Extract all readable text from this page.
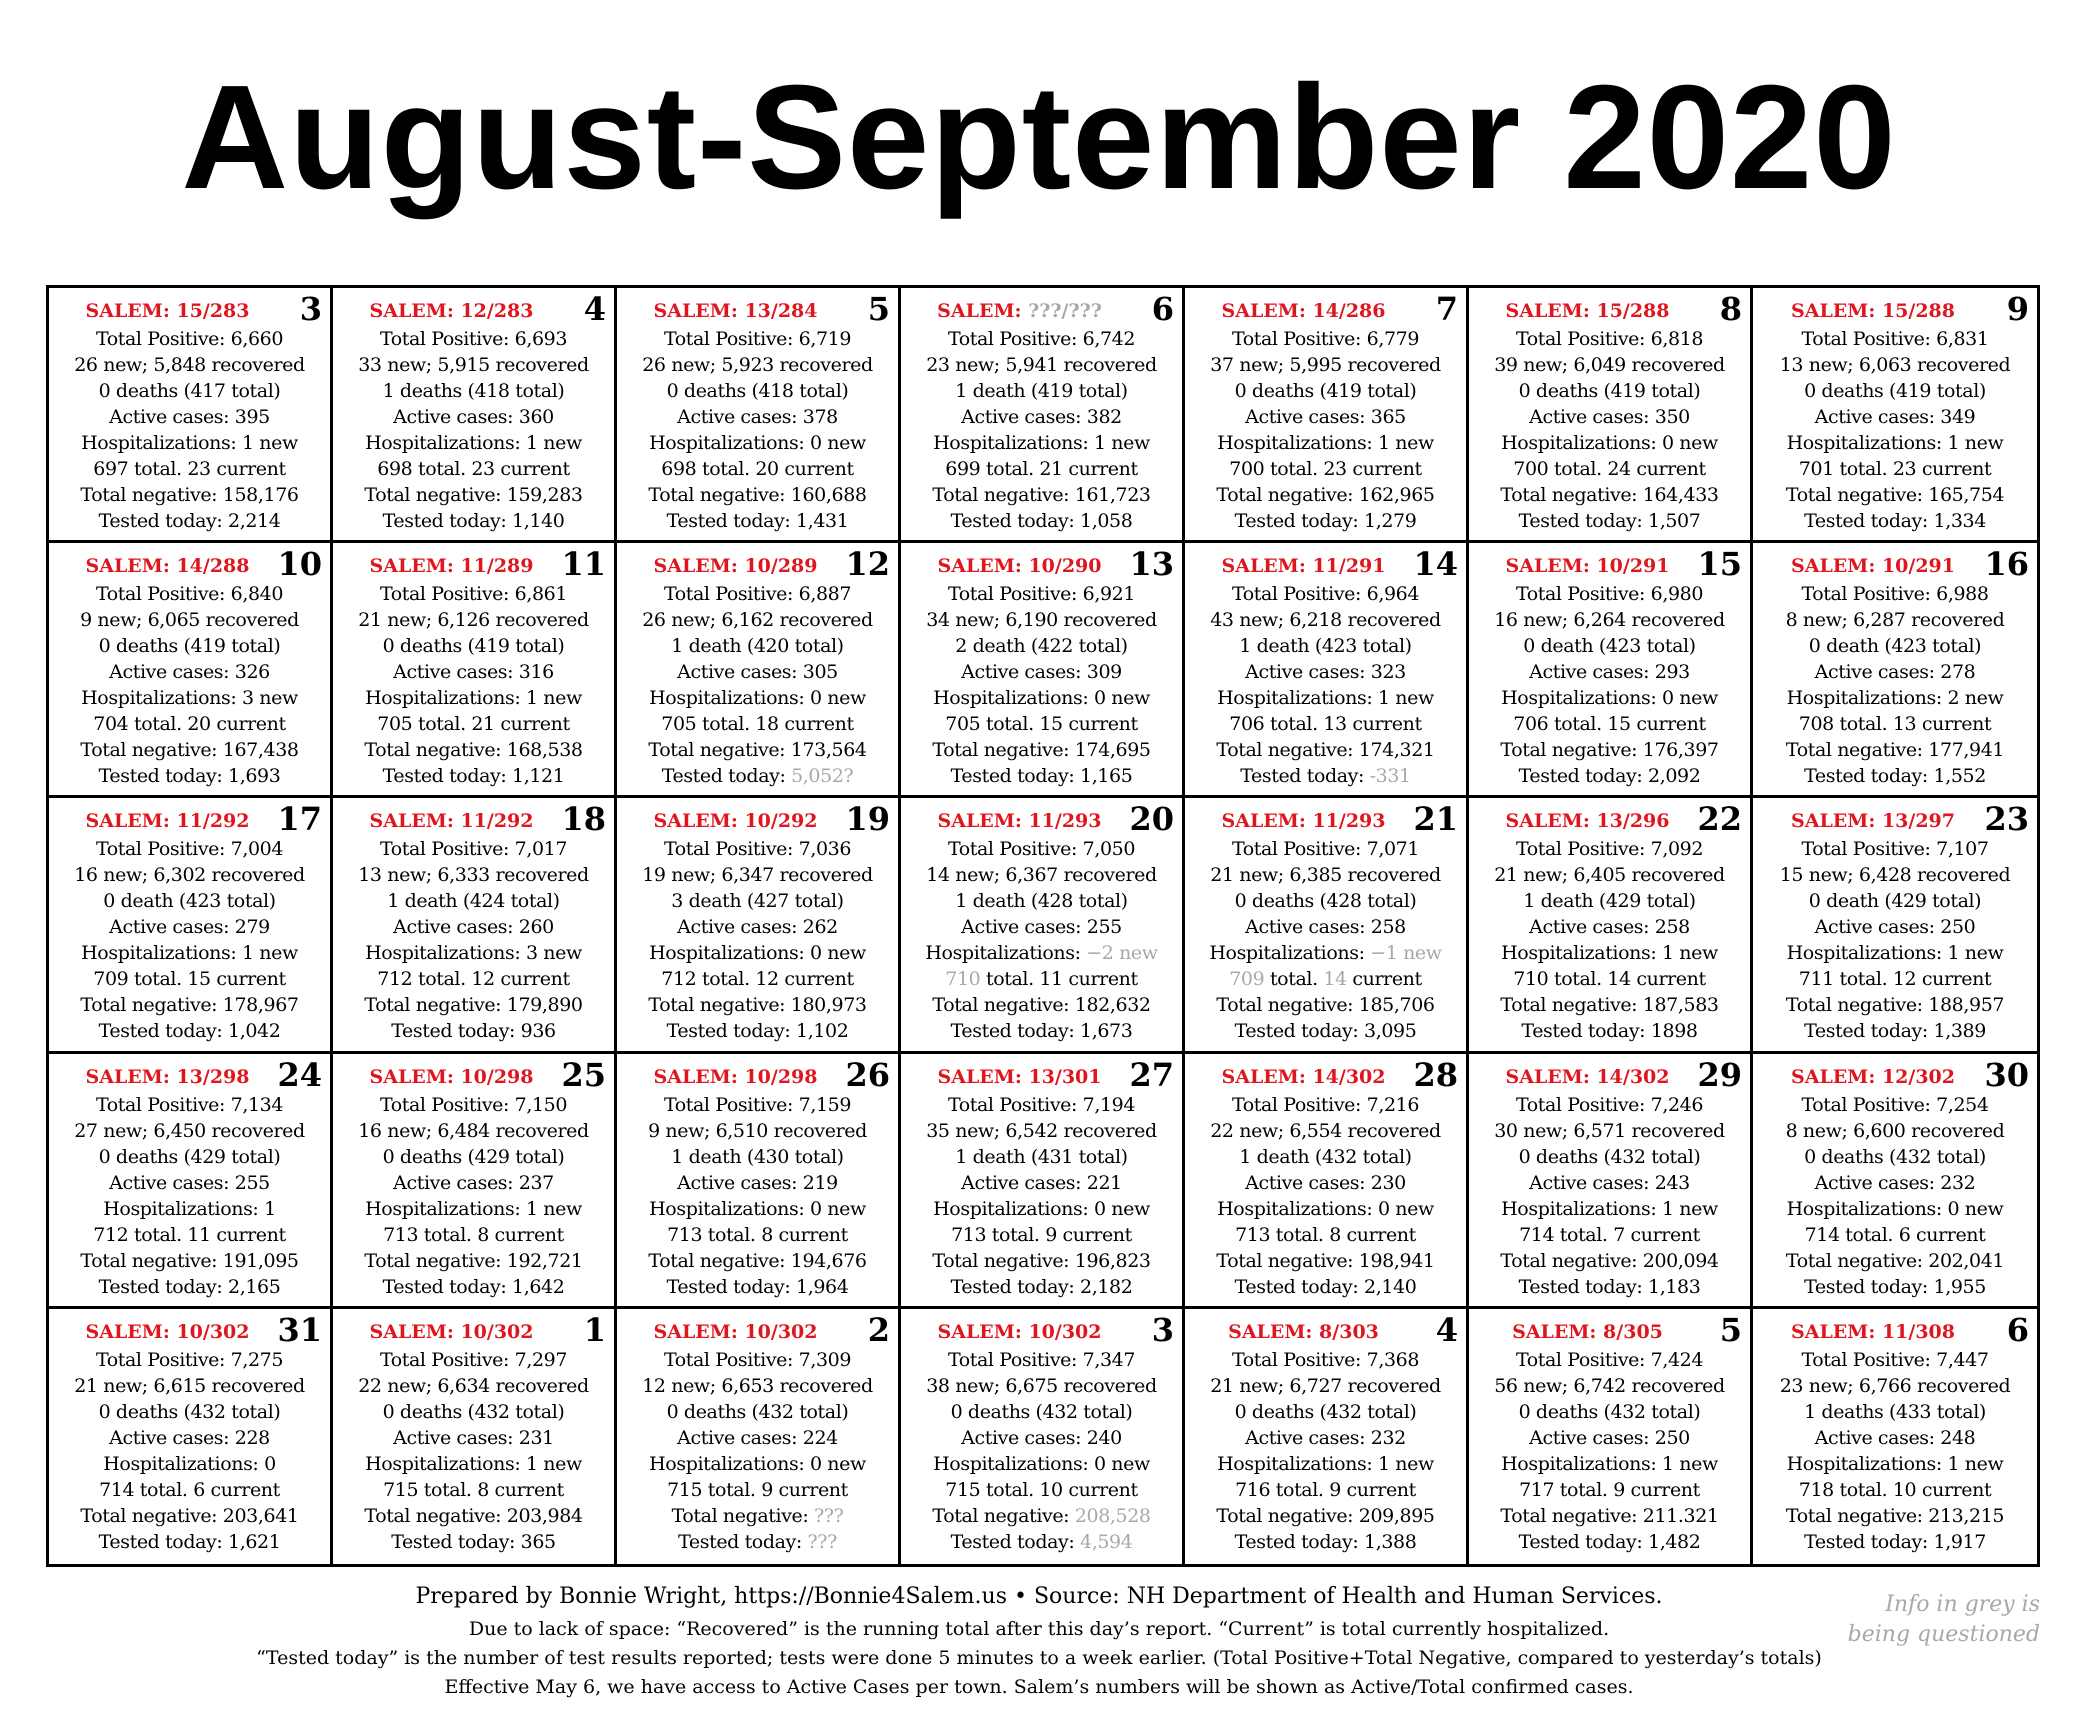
August-September 2020
SALEM: 15/283	3
Total Positive: 6,660
26 new; 5,848 recovered
0 deaths (417 total)
Active cases: 395
Hospitalizations: 1 new
697 total. 23 current
Total negative: 158,176
Tested today: 2,214
SALEM: 12/283	4
Total Positive: 6,693
33 new; 5,915 recovered
1 deaths (418 total)
Active cases: 360
Hospitalizations: 1 new
698 total. 23 current
Total negative: 159,283
Tested today: 1,140
SALEM: 13/284	5
Total Positive: 6,719
26 new; 5,923 recovered
0 deaths (418 total)
Active cases: 378
Hospitalizations: 0 new
698 total. 20 current
Total negative: 160,688
Tested today: 1,431
SALEM: ???/???	6
Total Positive: 6,742
23 new; 5,941 recovered
1 death (419 total)
Active cases: 382
Hospitalizations: 1 new
699 total. 21 current
Total negative: 161,723
Tested today: 1,058
SALEM: 14/286	7
Total Positive: 6,779
37 new; 5,995 recovered
0 deaths (419 total)
Active cases: 365
Hospitalizations: 1 new
700 total. 23 current
Total negative: 162,965
Tested today: 1,279
SALEM: 15/288	8
Total Positive: 6,818
39 new; 6,049 recovered
0 deaths (419 total)
Active cases: 350
Hospitalizations: 0 new
700 total. 24 current
Total negative: 164,433
Tested today: 1,507
SALEM: 15/288	9
Total Positive: 6,831
13 new; 6,063 recovered
0 deaths (419 total)
Active cases: 349
Hospitalizations: 1 new
701 total. 23 current
Total negative: 165,754
Tested today: 1,334
SALEM: 14/288 10
Total Positive: 6,840
9 new; 6,065 recovered
0 deaths (419 total)
Active cases: 326
Hospitalizations: 3 new
704 total. 20 current
Total negative: 167,438
Tested today: 1,693
SALEM: 11/289 11
Total Positive: 6,861
21 new; 6,126 recovered
0 deaths (419 total)
Active cases: 316
Hospitalizations: 1 new
705 total. 21 current
Total negative: 168,538
Tested today: 1,121
SALEM: 10/289 12
Total Positive: 6,887
26 new; 6,162 recovered
1 death (420 total)
Active cases: 305
Hospitalizations: 0 new
705 total. 18 current
Total negative: 173,564
Tested today: 5,052?
SALEM: 10/290 13
Total Positive: 6,921
34 new; 6,190 recovered
2 death (422 total)
Active cases: 309
Hospitalizations: 0 new
705 total. 15 current
Total negative: 174,695
Tested today: 1,165
SALEM: 11/291 14
Total Positive: 6,964
43 new; 6,218 recovered
1 death (423 total)
Active cases: 323
Hospitalizations: 1 new
706 total. 13 current
Total negative: 174,321
Tested today: -331
SALEM: 10/291 15
Total Positive: 6,980
16 new; 6,264 recovered
0 death (423 total)
Active cases: 293
Hospitalizations: 0 new
706 total. 15 current
Total negative: 176,397
Tested today: 2,092
SALEM: 10/291 16
Total Positive: 6,988
8 new; 6,287 recovered
0 death (423 total)
Active cases: 278
Hospitalizations: 2 new
708 total. 13 current
Total negative: 177,941
Tested today: 1,552
SALEM: 11/292 17
Total Positive: 7,004
16 new; 6,302 recovered
0 death (423 total)
Active cases: 279
Hospitalizations: 1 new
709 total. 15 current
Total negative: 178,967
Tested today: 1,042
SALEM: 11/292 18
Total Positive: 7,017
13 new; 6,333 recovered
1 death (424 total)
Active cases: 260
Hospitalizations: 3 new
712 total. 12 current
Total negative: 179,890
Tested today: 936
SALEM: 10/292 19
Total Positive: 7,036
19 new; 6,347 recovered
3 death (427 total)
Active cases: 262
Hospitalizations: 0 new
712 total. 12 current
Total negative: 180,973
Tested today: 1,102
SALEM: 11/293 20
Total Positive: 7,050
14 new; 6,367 recovered
1 death (428 total)
Active cases: 255
Hospitalizations: −2 new
710 total. 11 current
Total negative: 182,632
Tested today: 1,673
SALEM: 11/293 21
Total Positive: 7,071
21 new; 6,385 recovered
0 deaths (428 total)
Active cases: 258
Hospitalizations: −1 new
709 total. 14 current
Total negative: 185,706
Tested today: 3,095
SALEM: 13/296 22
Total Positive: 7,092
21 new; 6,405 recovered
1 death (429 total)
Active cases: 258
Hospitalizations: 1 new
710 total. 14 current
Total negative: 187,583
Tested today: 1898
SALEM: 13/297 23
Total Positive: 7,107
15 new; 6,428 recovered
0 death (429 total)
Active cases: 250
Hospitalizations: 1 new
711 total. 12 current
Total negative: 188,957
Tested today: 1,389
SALEM: 13/298 24
Total Positive: 7,134
27 new; 6,450 recovered
0 deaths (429 total)
Active cases: 255
Hospitalizations: 1
712 total. 11 current
Total negative: 191,095
Tested today: 2,165
SALEM: 10/298 25
Total Positive: 7,150
16 new; 6,484 recovered
0 deaths (429 total)
Active cases: 237
Hospitalizations: 1 new
713 total. 8 current
Total negative: 192,721
Tested today: 1,642
SALEM: 10/298 26
Total Positive: 7,159
9 new; 6,510 recovered
1 death (430 total)
Active cases: 219
Hospitalizations: 0 new
713 total. 8 current
Total negative: 194,676
Tested today: 1,964
SALEM: 13/301 27
Total Positive: 7,194
35 new; 6,542 recovered
1 death (431 total)
Active cases: 221
Hospitalizations: 0 new
713 total. 9 current
Total negative: 196,823
Tested today: 2,182
SALEM: 14/302 28
Total Positive: 7,216
22 new; 6,554 recovered
1 death (432 total)
Active cases: 230
Hospitalizations: 0 new
713 total. 8 current
Total negative: 198,941
Tested today: 2,140
SALEM: 14/302 29
Total Positive: 7,246
30 new; 6,571 recovered
0 deaths (432 total)
Active cases: 243
Hospitalizations: 1 new
714 total. 7 current
Total negative: 200,094
Tested today: 1,183
SALEM: 12/302 30
Total Positive: 7,254
8 new; 6,600 recovered
0 deaths (432 total)
Active cases: 232
Hospitalizations: 0 new
714 total. 6 current
Total negative: 202,041
Tested today: 1,955
SALEM: 10/302 31
Total Positive: 7,275
21 new; 6,615 recovered
0 deaths (432 total)
Active cases: 228
Hospitalizations: 0
714 total. 6 current
Total negative: 203,641
Tested today: 1,621
SALEM: 10/302	1
Total Positive: 7,297
22 new; 6,634 recovered
0 deaths (432 total)
Active cases: 231
Hospitalizations: 1 new
715 total. 8 current
Total negative: 203,984
Tested today: 365
SALEM: 10/302	2
Total Positive: 7,309
12 new; 6,653 recovered
0 deaths (432 total)
Active cases: 224
Hospitalizations: 0 new
715 total. 9 current
Total negative: ???
Tested today: ???
SALEM: 10/302	3
Total Positive: 7,347
38 new; 6,675 recovered
0 deaths (432 total)
Active cases: 240
Hospitalizations: 0 new
715 total. 10 current
Total negative: 208,528
Tested today: 4,594
SALEM: 8/303	4
Total Positive: 7,368
21 new; 6,727 recovered
0 deaths (432 total)
Active cases: 232
Hospitalizations: 1 new
716 total. 9 current
Total negative: 209,895
Tested today: 1,388
SALEM: 8/305	5
Total Positive: 7,424
56 new; 6,742 recovered
0 deaths (432 total)
Active cases: 250
Hospitalizations: 1 new
717 total. 9 current
Total negative: 211.321
Tested today: 1,482
SALEM: 11/308	6
Total Positive: 7,447
23 new; 6,766 recovered
1 deaths (433 total)
Active cases: 248
Hospitalizations: 1 new
718 total. 10 current
Total negative: 213,215
Tested today: 1,917
Prepared by Bonnie Wright, https://Bonnie4Salem.us • Source: NH Department of Health and Human Services.
Due to lack of space: “Recovered” is the running total after this day’s report. “Current” is total currently hospitalized.
“Tested today” is the number of test results reported; tests were done 5 minutes to a week earlier. (Total Positive+Total Negative, compared to yesterday’s totals)
Effective May 6, we have access to Active Cases per town. Salem’s numbers will be shown as Active/Total confirmed cases.
Info in grey is
being questioned
